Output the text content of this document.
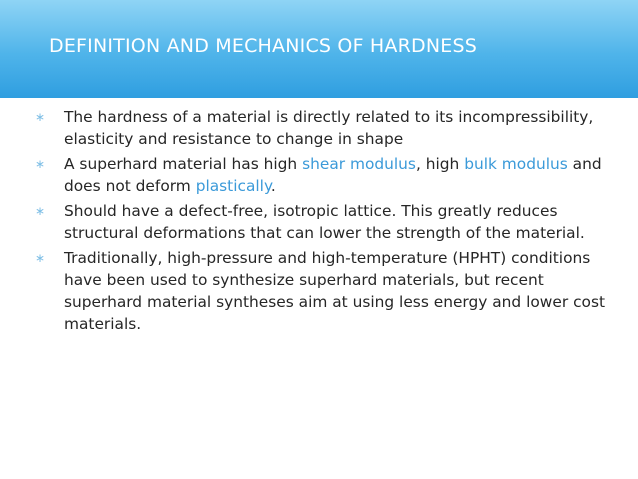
DEFINITION AND MECHANICS OF HARDNESS
∗	The hardness of a material is directly related to its incompressibility, elasticity and resistance to change in shape
∗	A superhard material has high shear modulus, high bulk modulus and does not deform plastically.
∗	Should have a defect-free, isotropic lattice. This greatly reduces structural deformations that can lower the strength of the material.
∗	Traditionally, high-pressure and high-temperature (HPHT) conditions have been used to synthesize superhard materials, but recent superhard material syntheses aim at using less energy and lower cost materials.
